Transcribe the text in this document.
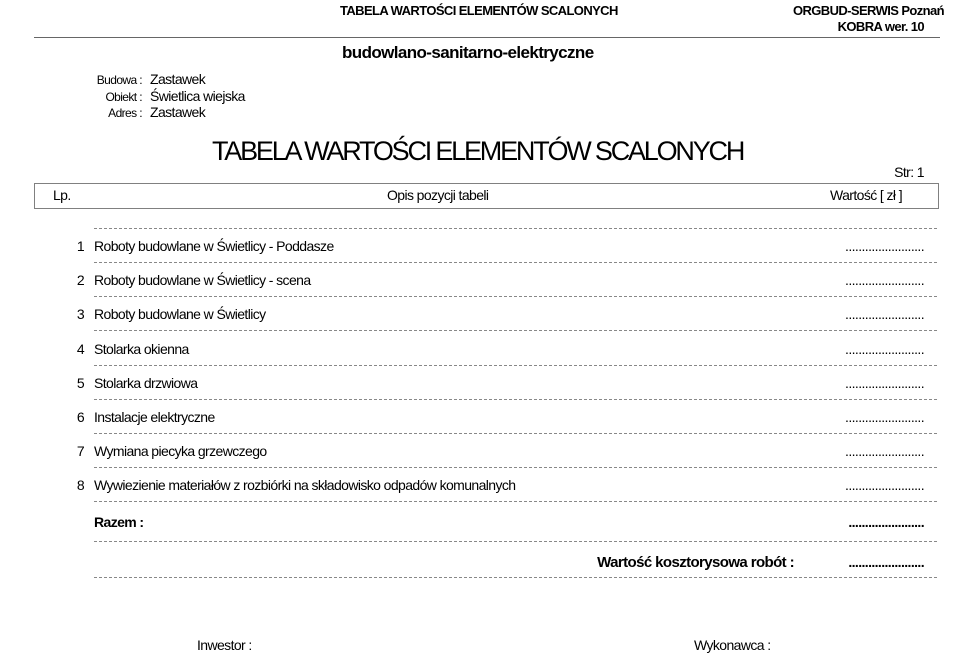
TABELA WARTOŚCI ELEMENTÓW SCALONYCH	ORGBUD-SERWIS Poznań
KOBRA wer. 10
budowlano-sanitarno-elektryczne
Budowa : Zastawek
Obiekt : Świetlica wiejska
Adres : Zastawek
TABELA WARTOŚCI ELEMENTÓW SCALONYCH
Str: 1
Lp.	Opis pozycji tabeli	Wartość [ zł ]
1 Roboty budowlane w Świetlicy - Poddasze	........................
2 Roboty budowlane w Świetlicy - scena	........................
3 Roboty budowlane w Świetlicy	........................
4 Stolarka okienna	........................
5 Stolarka drzwiowa	........................
6 Instalacje elektryczne	........................
7 Wymiana piecyka grzewczego	........................
8 Wywiezienie materiałów z rozbiórki na składowisko odpadów komunalnych	........................
Razem :	.......................
Wartość kosztorysowa robót :	.......................
Inwestor :	Wykonawca :
